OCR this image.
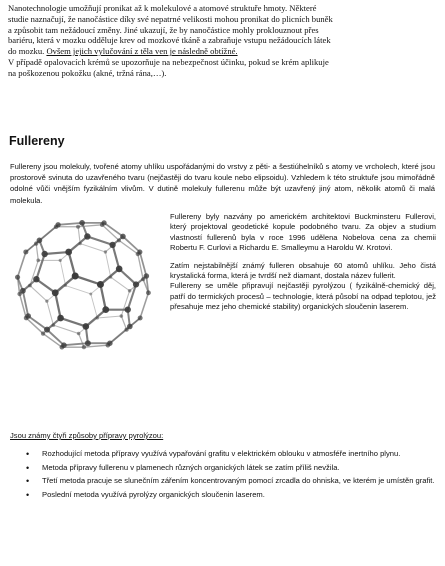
Nanotechnologie umožňují pronikat až k molekulové a atomové struktuře hmoty. Některé

studie naznačují, že nanočástice díky své nepatrné velikosti mohou pronikat do plicních buněk

a způsobit tam nežádoucí změny. Jiné ukazují, že by nanočástice mohly proklouznout přes

bariéru, která v mozku odděluje krev od mozkové tkáně a zabraňuje vstupu nežádoucích látek

do mozku. Ovšem jejich vylučování z těla ven je následně obtížné.

V případě opalovacích krémů se upozorňuje na nebezpečnost účinku, pokud se krém aplikuje

na poškozenou pokožku (akné, tržná rána,…).

Fullereny
Fullereny jsou molekuly, tvořené atomy uhlíku uspořádanými do vrstvy z pěti- a šestiúhelníků s atomy ve vrcholech, které jsou prostorově svinuta do uzavřeného tvaru (nejčastěji do tvaru koule nebo elipsoidu). Vzhledem k této struktuře jsou mimořádně odolné vůči vnějším fyzikálním vlivům. V dutině molekuly fullerenu může být uzavřený jiný atom, několik atomů či malá molekula.

Fullereny byly nazvány po americkém architektovi Buckminsteru Fullerovi, který projektoval geodetické kopule podobného tvaru. Za objev a studium vlastností fullerenů byla v roce 1996 udělena Nobelova cena za chemii Robertu F. Curlovi a Richardu E. Smalleymu a Haroldu W. Krotovi.

Zatím nejstabilnější známý fulleren obsahuje 60 atomů uhlíku. Jeho čistá krystalická forma, která je tvrdší než diamant, dostala název fullerit.

Fullereny se uměle připravují nejčastěji pyrolýzou ( fyzikálně-chemický děj, patří do termických procesů – technologie, která působí na odpad teplotou, jež přesahuje mez jeho chemické stability) organických sloučenin laserem.

Jsou známy čtyři způsoby přípravy pyrolýzou:
• Rozhodující metoda přípravy využívá vypařování grafitu v elektrickém oblouku v atmosféře inertního plynu.
• Metoda přípravy fullerenu v plamenech různých organických látek se zatím příliš nevžila.
• Třetí metoda pracuje se slunečním zářením koncentrovaným pomocí zrcadla do ohniska, ve kterém je umístěn grafit.
• Poslední metoda využívá pyrolýzy organických sloučenin laserem.
